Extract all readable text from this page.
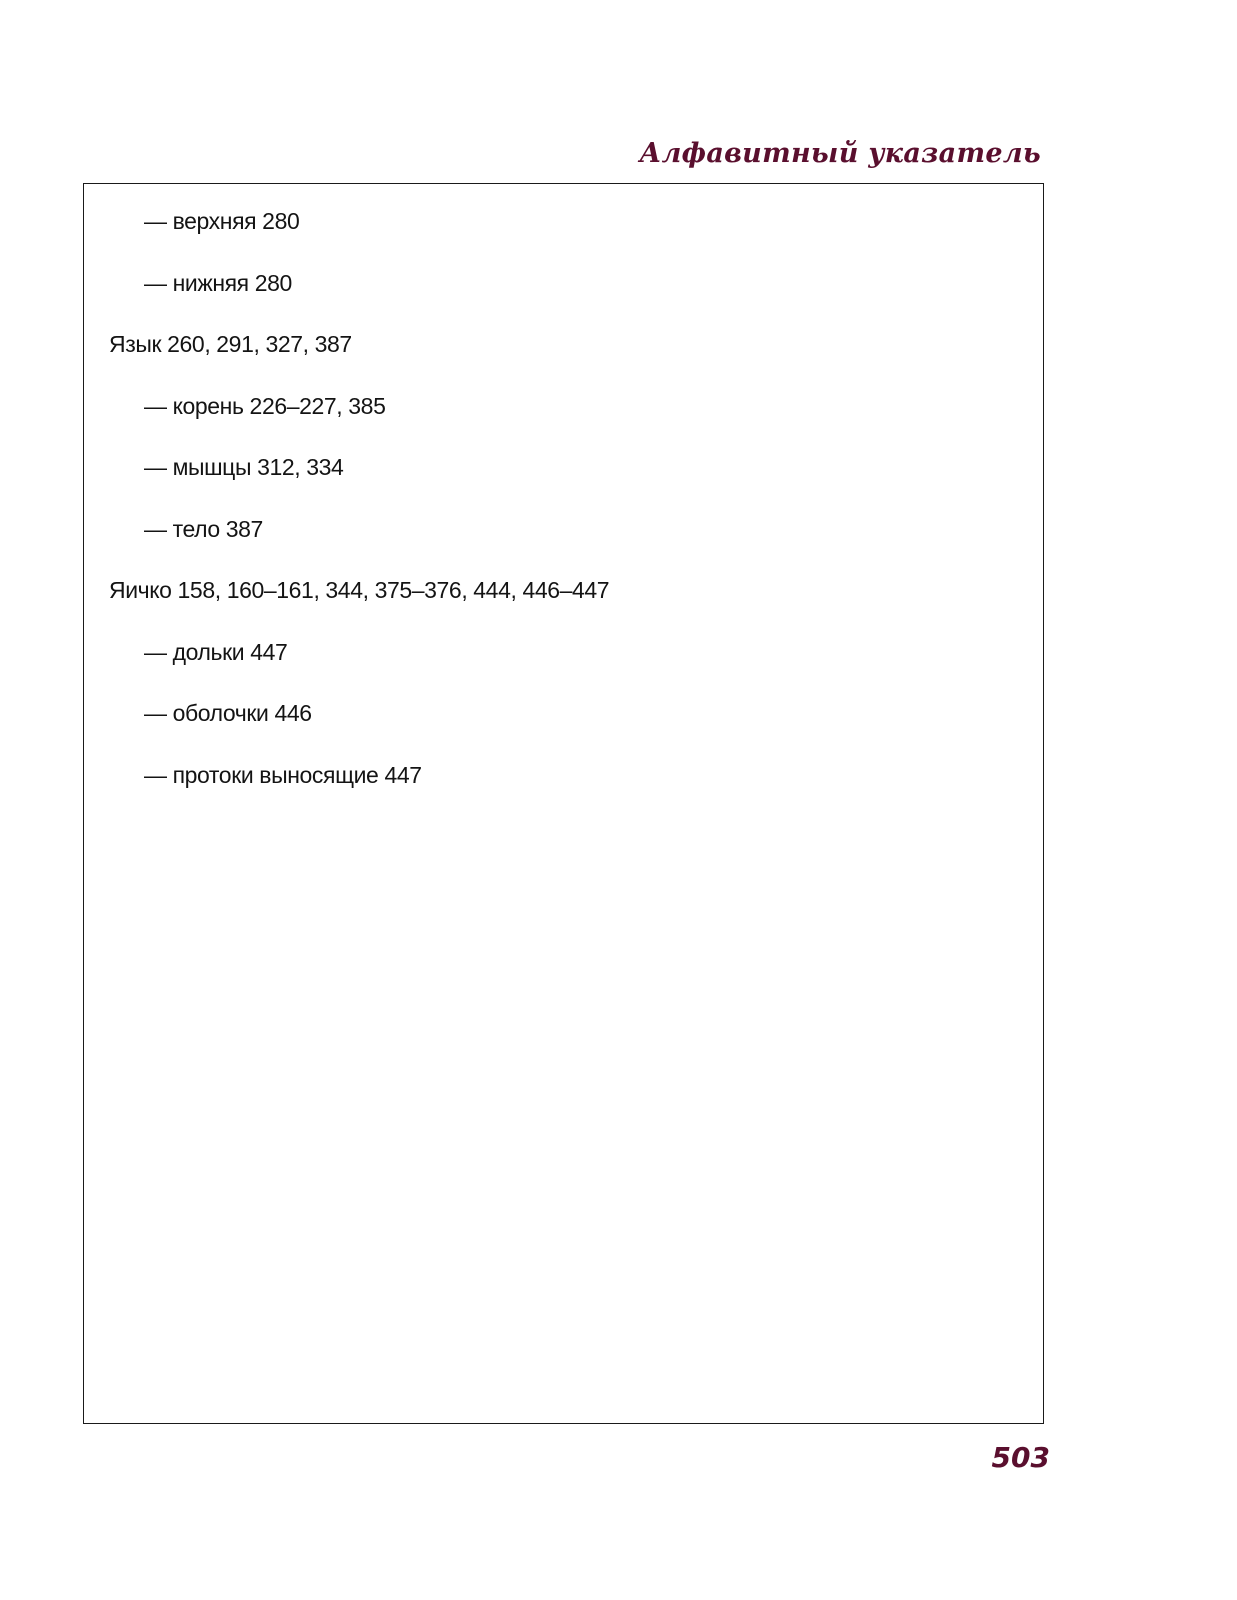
Алфавитный указатель
— верхняя 280
— нижняя 280
Язык 260, 291, 327, 387
— корень 226–227, 385
— мышцы 312, 334
— тело 387
Яичко 158, 160–161, 344, 375–376, 444, 446–447
— дольки 447
— оболочки 446
— протоки выносящие 447
503
